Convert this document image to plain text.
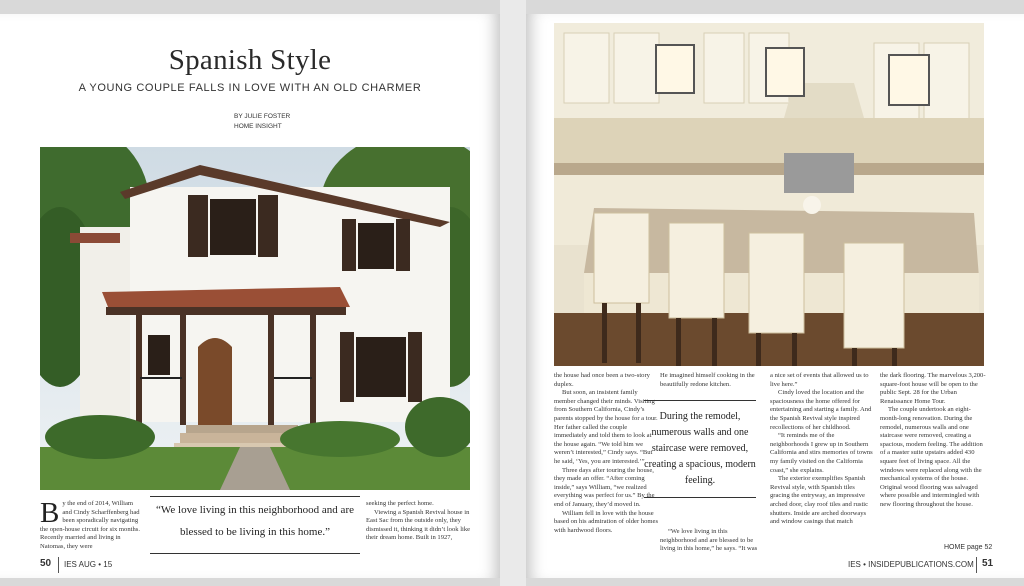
Spanish Style
A YOUNG COUPLE FALLS IN LOVE WITH AN OLD CHARMER
BY JULIE FOSTER
HOME INSIGHT

By the end of 2014, William and Cindy Scharffenberg had been sporadically navigating the open-house circuit for six months. Recently married and living in Natomas, they were

“We love living in this neighborhood and are blessed to be living in this home.”

seeking the perfect home.

Viewing a Spanish Revival house in East Sac from the outside only, they dismissed it, thinking it didn’t look like their dream home. Built in 1927,

50 IES AUG • 15

the house had once been a two-story duplex.

But soon, an insistent family member changed their minds. Visiting from Southern California, Cindy’s parents stopped by the house for a tour. Her father called the couple immediately and told them to look at the house again. “We told him we weren’t interested,” Cindy says. “But he said, ‘Yes, you are interested.’”

Three days after touring the house, they made an offer. “After coming inside,” says William, “we realized everything was perfect for us.” By the end of January, they’d moved in.

William fell in love with the house based on his admiration of older homes with hardwood floors.

He imagined himself cooking in the beautifully redone kitchen.

During the remodel, numerous walls and one staircase were removed, creating a spacious, modern feeling.

“We love living in this neighborhood and are blessed to be living in this home,” he says. “It was

a nice set of events that allowed us to live here.”

Cindy loved the location and the spaciousness the home offered for entertaining and starting a family. And the Spanish Revival style inspired recollections of her childhood.

“It reminds me of the neighborhoods I grew up in Southern California and stirs memories of towns my family visited on the California coast,” she explains.

The exterior exemplifies Spanish Revival style, with Spanish tiles gracing the entryway, an impressive arched door, clay roof tiles and rustic shutters. Inside are arched doorways and window casings that match

the dark flooring. The marvelous 3,200-square-foot house will be open to the public Sept. 28 for the Urban Renaissance Home Tour.

The couple undertook an eight-month-long renovation. During the remodel, numerous walls and one staircase were removed, creating a spacious, modern feeling. The addition of a master suite upstairs added 430 square feet of living space. All the windows were replaced along with the mechanical systems of the house. Original wood flooring was salvaged where possible and intermingled with new flooring throughout the house.

HOME page 52
IES • INSIDEPUBLICATIONS.COM 51
